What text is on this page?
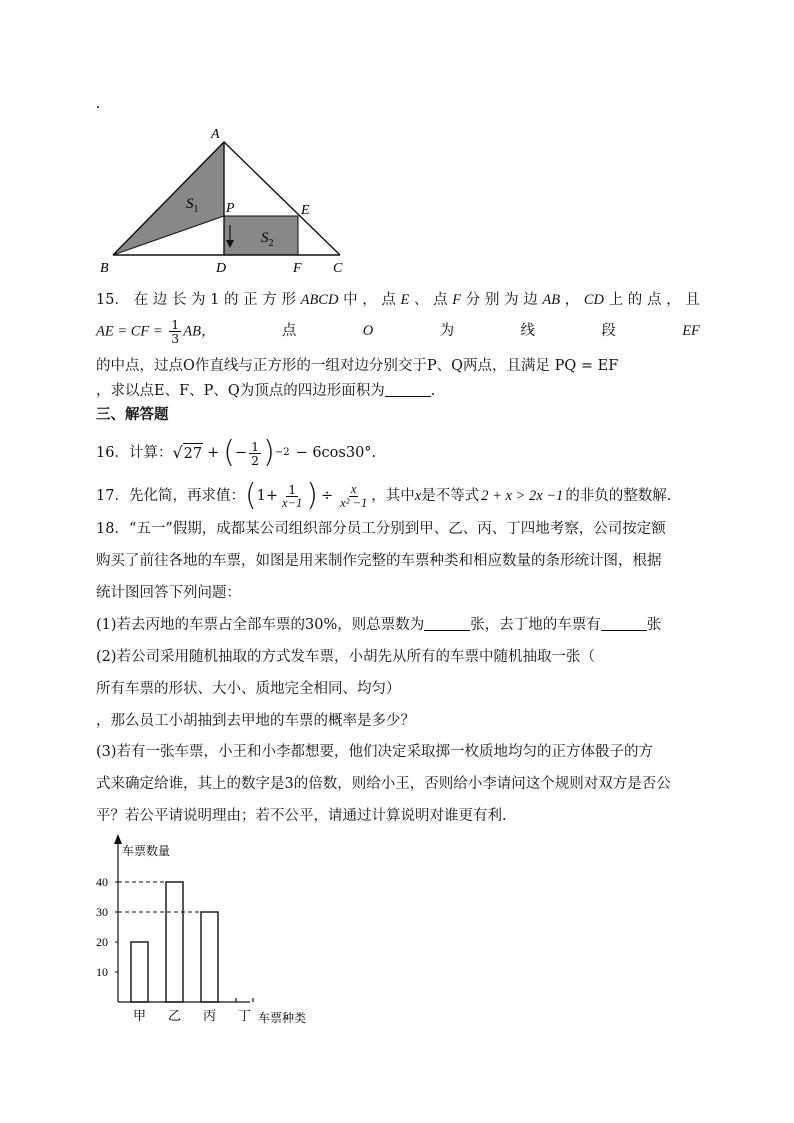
A
B	C
D	F
E
P
$S_1$
$S_2$
15． 在 边 长 为 1 的 正 方 形 ABCD 中 ， 点 E 、 点 F 分 别 为 边 AB ， CD 上 的 点 ， 且
AE = CF = $\frac{1}{3}$ AB，	点	O	为	线	段	EF
的中点，过点O作直线与正方形的一组对边分别交于P、Q两点，且满足 PQ = EF
，求以点E、F、P、Q为顶点的四边形面积为	.
三、解答题
16． 计算： √ 27 + ( − $\frac{1}{2}$ ) −2 − 6cos30°.
17． 先化简，再求值： ( $1+ \frac{1}{x-1}$ ) ÷ $\frac{x}{\text{x² −1}}$ ，其中 x 是不等式 2 + x > 2x −1 的非负的整数解.
18．“五一”假期，成都某公司组织部分员工分别到甲、乙、丙、丁四地考察，公司按定额
购买了前往各地的车票，如图是用来制作完整的车票种类和相应数量的条形统计图，根据
统计图回答下列问题：
(1)若去丙地的车票占全部车票的30%，则总票数为	张，去丁地的车票有	张
(2)若公司采用随机抽取的方式发车票，小胡先从所有的车票中随机抽取一张（
所有车票的形状、大小、质地完全相同、均匀）
，那么员工小胡抽到去甲地的车票的概率是多少？
(3)若有一张车票，小王和小李都想要，他们决定采取掷一枚质地均匀的正方体骰子的方
式来确定给谁，其上的数字是3的倍数，则给小王，否则给小李请问这个规则对双方是否公
平？若公平请说明理由；若不公平，请通过计算说明对谁更有利.
车票数量
车票种类
10
20
30
40
甲 乙 丙 丁
